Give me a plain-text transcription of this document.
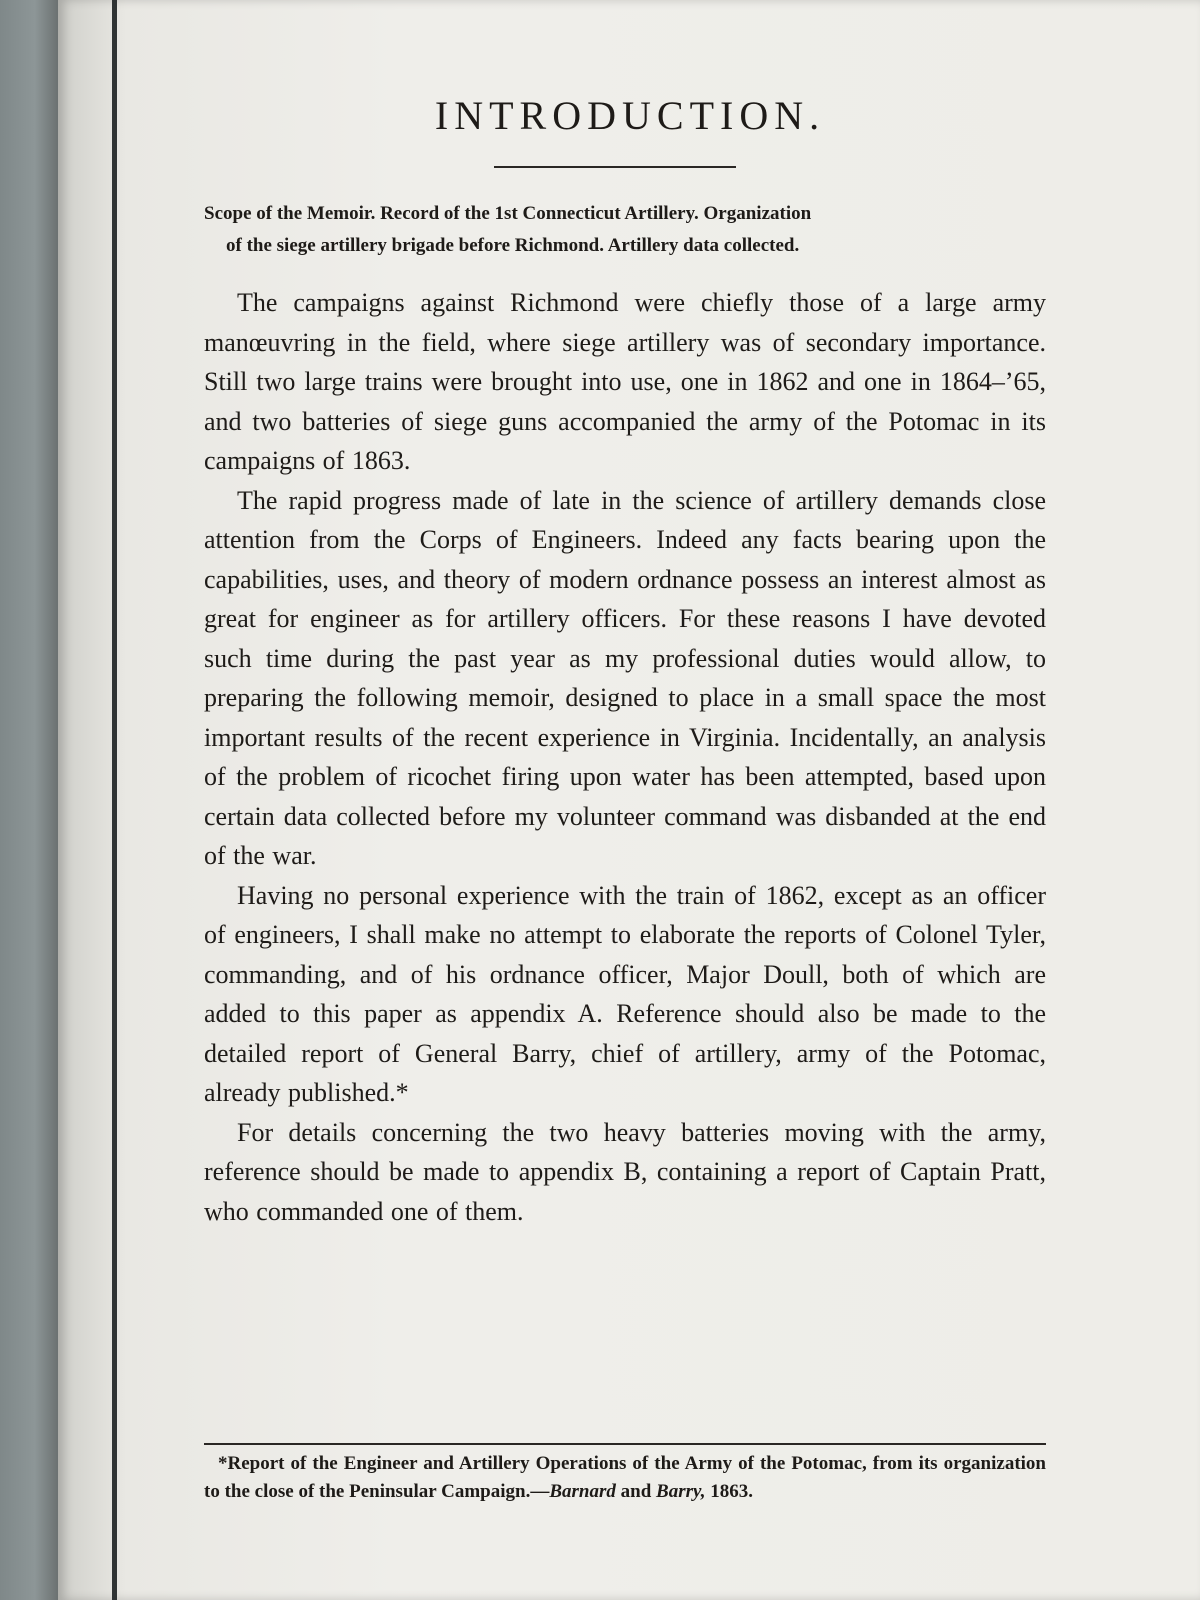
INTRODUCTION.

Scope of the Memoir. Record of the 1st Connecticut Artillery. Organization
of the siege artillery brigade before Richmond. Artillery data collected.

The campaigns against Richmond were chiefly those of a large army manœuvring in the field, where siege artillery was of secondary importance. Still two large trains were brought into use, one in 1862 and one in 1864–’65, and two batteries of siege guns accompanied the army of the Potomac in its campaigns of 1863.

The rapid progress made of late in the science of artillery demands close attention from the Corps of Engineers. Indeed any facts bearing upon the capabilities, uses, and theory of modern ordnance possess an interest almost as great for engineer as for artillery officers. For these reasons I have devoted such time during the past year as my professional duties would allow, to preparing the following memoir, designed to place in a small space the most important results of the recent experience in Virginia. Incidentally, an analysis of the problem of ricochet firing upon water has been attempted, based upon certain data collected before my volunteer command was disbanded at the end of the war.

Having no personal experience with the train of 1862, except as an officer of engineers, I shall make no attempt to elaborate the reports of Colonel Tyler, commanding, and of his ordnance officer, Major Doull, both of which are added to this paper as appendix A. Reference should also be made to the detailed report of General Barry, chief of artillery, army of the Potomac, already published.*

For details concerning the two heavy batteries moving with the army, reference should be made to appendix B, containing a report of Captain Pratt, who commanded one of them.

*Report of the Engineer and Artillery Operations of the Army of the Potomac, from its organization to the close of the Peninsular Campaign.—Barnard and Barry, 1863.
